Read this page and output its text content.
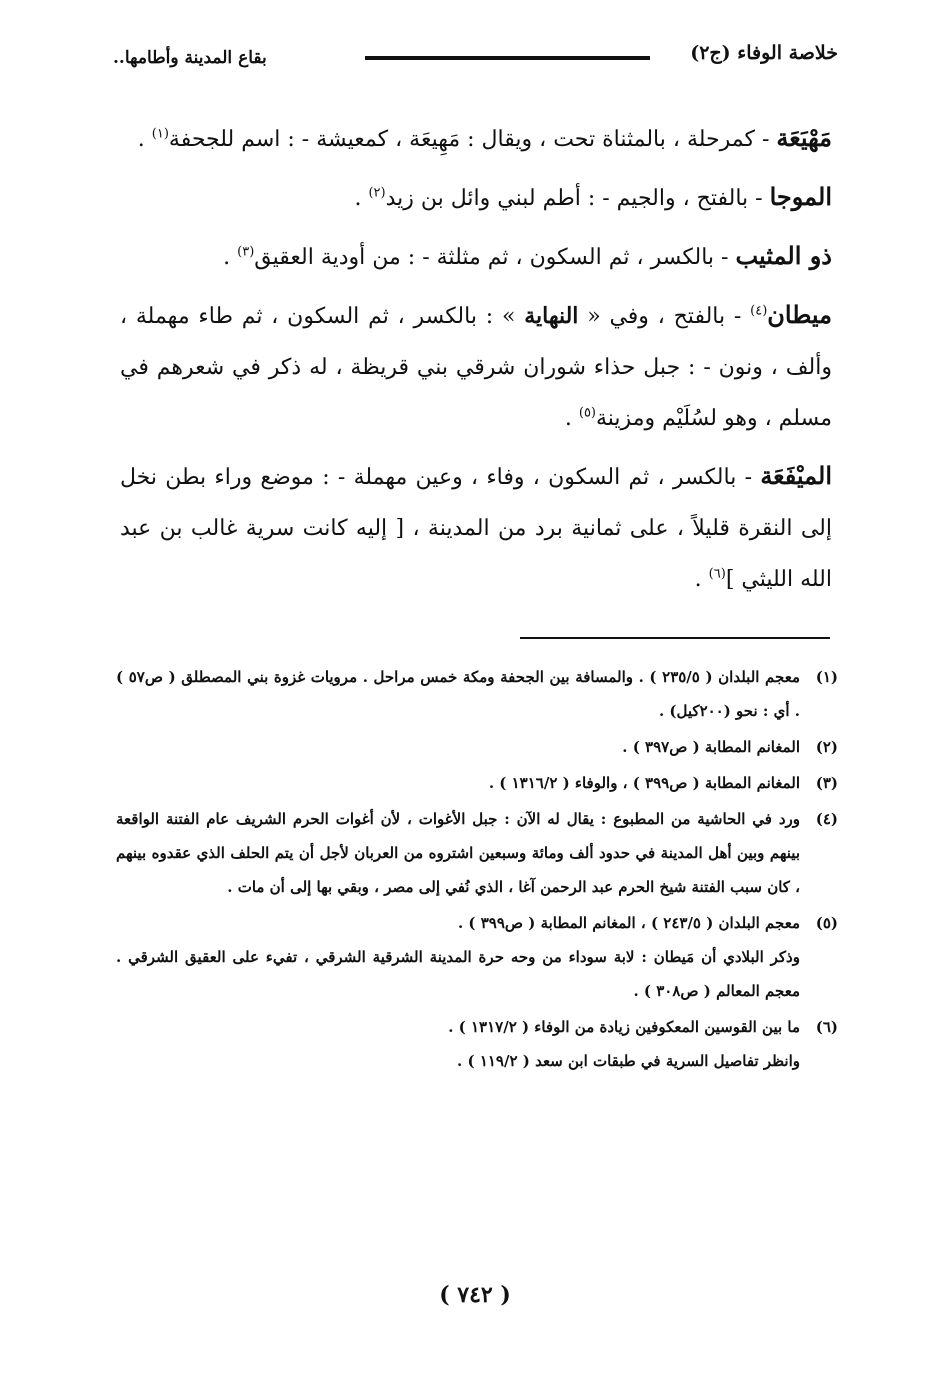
خلاصة الوفاء (ج٢)
بقاع المدينة وأطامها..

مَهْيَعَة - كمرحلة ، بالمثناة تحت ، ويقال : مَهِيعَة ، كمعيشة - : اسم للجحفة$^{(١)}$ .

الموجا - بالفتح ، والجيم - : أطم لبني وائل بن زيد$^{(٢)}$ .

ذو المثيب - بالكسر ، ثم السكون ، ثم مثلثة - : من أودية العقيق$^{(٣)}$ .

ميطان$^{(٤)}$ - بالفتح ، وفي « النهاية » : بالكسر ، ثم السكون ، ثم طاء مهملة ، وألف ، ونون - : جبل حذاء شوران شرقي بني قريظة ، له ذكر في شعرهم في مسلم ، وهو لسُلَيْم ومزينة$^{(٥)}$ .

الميْفَعَة - بالكسر ، ثم السكون ، وفاء ، وعين مهملة - : موضع وراء بطن نخل إلى النقرة قليلاً ، على ثمانية برد من المدينة ، [ إليه كانت سرية غالب بن عبد الله الليثي ]$^{(٦)}$ .

(١)

معجم البلدان ( ٢٣٥/٥ ) . والمسافة بين الجحفة ومكة خمس مراحل . مرويات غزوة بني المصطلق ( ص٥٧ ) . أي : نحو (٢٠٠كيل) .

(٢)

المغانم المطابة ( ص٣٩٧ ) .

(٣)

المغانم المطابة ( ص٣٩٩ ) ، والوفاء ( ١٣١٦/٢ ) .

(٤)

ورد في الحاشية من المطبوع : يقال له الآن : جبل الأغوات ، لأن أغوات الحرم الشريف عام الفتنة الواقعة بينهم وبين أهل المدينة في حدود ألف ومائة وسبعين اشتروه من العربان لأجل أن يتم الحلف الذي عقدوه بينهم ، كان سبب الفتنة شيخ الحرم عبد الرحمن آغا ، الذي نُفي إلى مصر ، وبقي بها إلى أن مات .

(٥)

معجم البلدان ( ٢٤٣/٥ ) ، المغانم المطابة ( ص٣٩٩ ) .

وذكر البلادي أن مَيطان : لابة سوداء من وحه حرة المدينة الشرقية الشرقي ، تفيء على العقيق الشرقي . معجم المعالم ( ص٣٠٨ ) .

(٦)

ما بين القوسين المعكوفين زيادة من الوفاء ( ١٣١٧/٢ ) .

وانظر تفاصيل السرية في طبقات ابن سعد ( ١١٩/٢ ) .

( ٧٤٢ )
